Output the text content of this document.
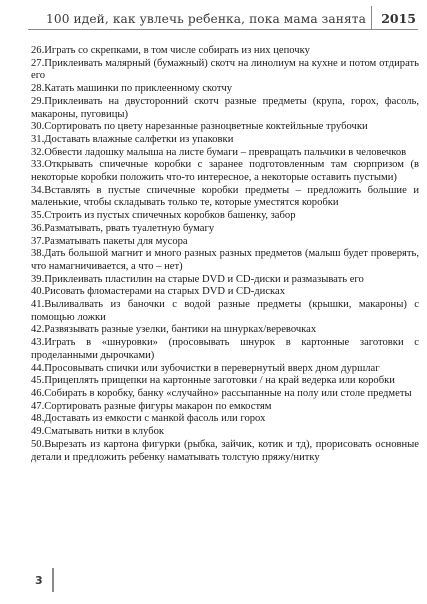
100 идей, как увлечь ребенка, пока мама занята 2015
26.Играть со скрепками, в том числе собирать из них цепочку
27.Приклеивать малярный (бумажный) скотч на линолиум на кухне и потом отдирать его
28.Катать машинки по приклеенному скотчу
29.Приклеивать на двусторонний скотч разные предметы (крупа, горох, фасоль, макароны, пуговицы)
30.Сортировать по цвету нарезанные разноцветные коктейльные трубочки
31.Доставать влажные салфетки из упаковки
32.Обвести ладошку малыша на листе бумаги – превращать пальчики в человечков
33.Открывать спичечные коробки с заранее подготовленным там сюрпризом (в некоторые коробки положить что-то интересное, а некоторые оставить пустыми)
34.Вставлять в пустые спичечные коробки предметы – предложить большие и маленькие, чтобы складывать только те, которые уместятся коробки
35.Строить из пустых спичечных коробков башенку, забор
36.Разматывать, рвать туалетную бумагу
37.Разматывать пакеты для мусора
38.Дать большой магнит и много разных разных предметов (малыш будет проверять, что намагничивается, а что – нет)
39.Приклеивать пластилин на старые DVD и CD-диски и размазывать его
40.Рисовать фломастерами на старых DVD и CD-дисках
41.Выливалвать из баночки с водой разные предметы (крышки, макароны) с помощью ложки
42.Развязывать разные узелки, бантики на шнурках/веревочках
43.Играть в «шнуровки» (просовывать шнурок в картонные заготовки с проделанными дырочками)
44.Просовывать спички или зубочистки в перевернутый вверх дном дуршлаг
45.Прицеплять прищепки на картонные заготовки / на край ведерка или коробки
46.Собирать в коробку, банку «случайно» рассыпанные на полу или столе предметы
47.Сортировать разные фигуры макарон по емкостям
48.Доставать из емкости с манкой фасоль или горох
49.Сматывать нитки в клубок
50.Вырезать из картона фигурки (рыбка, зайчик, котик и тд), прорисовать основные детали и предложить ребенку наматывать толстую пряжу/нитку
3
